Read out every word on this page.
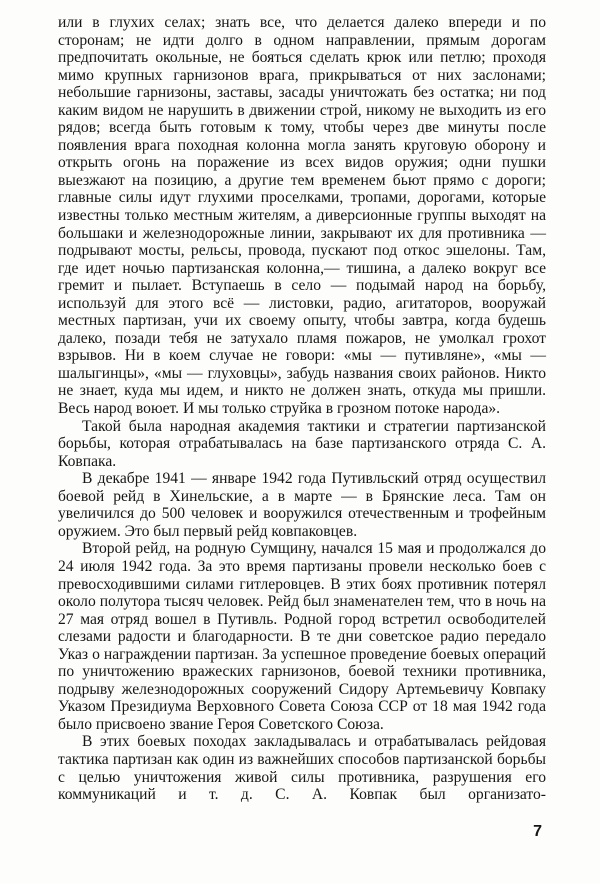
или в глухих селах; знать все, что делается далеко впереди и по сторонам; не идти долго в одном направлении, прямым дорогам предпочитать окольные, не бояться сделать крюк или петлю; проходя мимо крупных гарнизонов врага, прикрываться от них заслонами; небольшие гарнизоны, заставы, засады уничтожать без остатка; ни под каким видом не нарушить в движении строй, никому не выходить из его рядов; всегда быть готовым к тому, чтобы через две минуты после появления врага походная колонна могла занять круговую оборону и открыть огонь на поражение из всех видов оружия; одни пушки выезжают на позицию, а другие тем временем бьют прямо с дороги; главные силы идут глухими проселками, тропами, дорогами, которые известны только местным жителям, а диверсионные группы выходят на большаки и железнодорожные линии, закрывают их для противника — подрывают мосты, рельсы, провода, пускают под откос эшелоны. Там, где идет ночью партизанская колонна,— тишина, а далеко вокруг все гремит и пылает. Вступаешь в село — подымай народ на борьбу, используй для этого всё — листовки, радио, агитаторов, вооружай местных партизан, учи их своему опыту, чтобы завтра, когда будешь далеко, позади тебя не затухало пламя пожаров, не умолкал грохот взрывов. Ни в коем случае не говори: «мы — путивляне», «мы — шалыгинцы», «мы — глуховцы», забудь названия своих районов. Никто не знает, куда мы идем, и никто не должен знать, откуда мы пришли. Весь народ воюет. И мы только струйка в грозном потоке народа».

Такой была народная академия тактики и стратегии партизанской борьбы, которая отрабатывалась на базе партизанского отряда С. А. Ковпака.

В декабре 1941 — январе 1942 года Путивльский отряд осуществил боевой рейд в Хинельские, а в марте — в Брянские леса. Там он увеличился до 500 человек и вооружился отечественным и трофейным оружием. Это был первый рейд ковпаковцев.

Второй рейд, на родную Сумщину, начался 15 мая и продолжался до 24 июля 1942 года. За это время партизаны провели несколько боев с превосходившими силами гитлеровцев. В этих боях противник потерял около полутора тысяч человек. Рейд был знаменателен тем, что в ночь на 27 мая отряд вошел в Путивль. Родной город встретил освободителей слезами радости и благодарности. В те дни советское радио передало Указ о награждении партизан. За успешное проведение боевых операций по уничтожению вражеских гарнизонов, боевой техники противника, подрыву железнодорожных сооружений Сидору Артемьевичу Ковпаку Указом Президиума Верховного Совета Союза ССР от 18 мая 1942 года было присвоено звание Героя Советского Союза.

В этих боевых походах закладывалась и отрабатывалась рейдовая тактика партизан как один из важнейших способов партизанской борьбы с целью уничтожения живой силы противника, разрушения его коммуникаций и т. д. С. А. Ковпак был организато-

7
